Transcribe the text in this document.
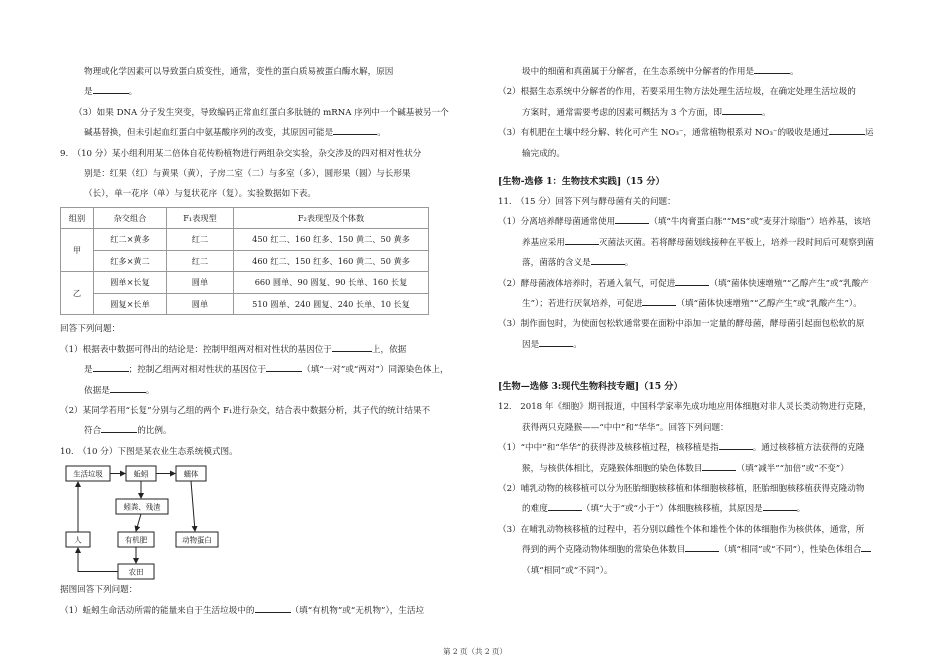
物理或化学因素可以导致蛋白质变性，通常，变性的蛋白质易被蛋白酶水解，原因
是	。
（3）如果 DNA 分子发生突变，导致编码正常血红蛋白多肽链的 mRNA 序列中一个碱基被另一个
碱基替换，但未引起血红蛋白中氨基酸序列的改变，其原因可能是	。
9.　（10 分）某小组利用某二倍体自花传粉植物进行两组杂交实验，杂交涉及的四对相对性状分
别是：红果（红）与黄果（黄），子房二室（二）与多室（多），圆形果（圆）与长形果
（长），单一花序（单）与复状花序（复）。实验数据如下表。
组别	杂交组合	F₁表现型	F₂表现型及个体数
甲	红二×黄多	红二	450 红二、160 红多、150 黄二、50 黄多
	红多×黄二	红二	460 红二、150 红多、160 黄二、50 黄多
乙	圆单×长复	圆单	660 圆单、90 圆复、90 长单、160 长复
	圆复×长单	圆单	510 圆单、240 圆复、240 长单、10 长复
回答下列问题：
（1）根据表中数据可得出的结论是：控制甲组两对相对性状的基因位于	上，依据
是	；控制乙组两对相对性状的基因位于	（填“一对”或“两对”）同源染色体上，
依据是	。
（2）某同学若用“长复”分别与乙组的两个 F₁进行杂交，结合表中数据分析，其子代的统计结果不
符合	的比例。
10.　（10 分）下图是某农业生态系统模式图。
生活垃圾	蚯蚓	蠕体
蚓粪、残渣
人	有机肥	动物蛋白
农田
据图回答下列问题：
（1）蚯蚓生命活动所需的能量来自于生活垃圾中的	（填“有机物”或“无机物”），生活垃
圾中的细菌和真菌属于分解者，在生态系统中分解者的作用是	。
（2）根据生态系统中分解者的作用，若要采用生物方法处理生活垃圾，在确定处理生活垃圾的
方案时，通常需要考虑的因素可概括为 3 个方面，即	。
（3）有机肥在土壤中经分解、转化可产生 NO₃⁻，通常植物根系对 NO₃⁻的吸收是通过	运
输完成的。
[生物-选修 1：生物技术实践]（15 分）
11.　（15 分）回答下列与酵母菌有关的问题：
（1）分离培养酵母菌通常使用	（填“牛肉膏蛋白胨”“MS”或“麦芽汁琼脂”）培养基，该培
养基应采用	灭菌法灭菌。若将酵母菌划线接种在平板上，培养一段时间后可观察到菌
落，菌落的含义是	。
（2）酵母菌液体培养时，若通入氧气，可促进	（填“菌体快速增殖”“乙醇产生”或“乳酸产
生”）；若进行厌氧培养，可促进	（填“菌体快速增殖”“乙醇产生”或“乳酸产生”）。
（3）制作面包时，为使面包松软通常要在面粉中添加一定量的酵母菌，酵母菌引起面包松软的原
因是	。
[生物—选修 3:现代生物科技专题]（15 分）
12.　2018 年《细胞》期刊报道，中国科学家率先成功地应用体细胞对非人灵长类动物进行克隆，
获得两只克隆猴——“中中”和“华华”。回答下列问题：
（1）“中中”和“华华”的获得涉及核移植过程，核移植是指	。通过核移植方法获得的克隆
猴，与核供体相比，克隆猴体细胞的染色体数目	（填“减半”“加倍”或“不变”）
（2）哺乳动物的核移植可以分为胚胎细胞核移植和体细胞核移植，胚胎细胞核移植获得克隆动物
的难度	（填“大于”或“小于”）体细胞核移植，其原因是	。
（3）在哺乳动物核移植的过程中，若分别以雌性个体和雄性个体的体细胞作为核供体，通常，所
得到的两个克隆动物体细胞的常染色体数目	（填“相同”或“不同”），性染色体组合
（填“相同”或“不同”）。
第 2 页（共 2 页）
